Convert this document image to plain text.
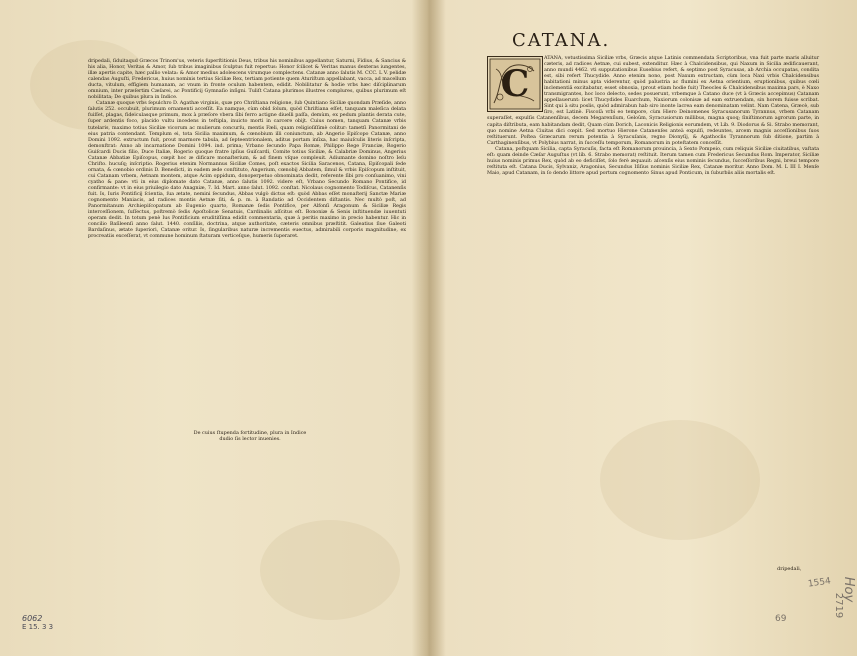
dripedali, ſiduitaqud Græcos Trinom'us, veteris ſuperſtitionis Deus, tribus his nominibus appellantur, Saturni, Fidius, & Sancius & his alia, Honor, Veritas & Amor, ſub tribus imaginibus ſculptus fuit repertus: Honor ſcilicet & Veritas manus dexteras iungentes, illæ apertis capite, hæc pallio velata: & Amor medius adolescens virumque complectens. Catanæ anno ſalutis M. CCC. L V. pelidæ calendas Auguſti, Fredericus, huius nominis tertius Siciliæ Rex, tertiam potiente quem Aturiſtum appellabant, vacca, ad macellum ducta, vitulum, effigiem humanam, ac vnum in fronte oculum habentem, edidit. Nobilitatur & hodie vrbs hæc diſciplinarum omnium, inter præſertim Cæſarei, ac Pontificij Gymnaſio inſigni. Tuliſt Catana plurimos illustres complures, quibus plurimum eſt nobilitata; De quibus plura in Indice.

Catanæ quoque vrbs ſepulchro D. Agathæ virginis, quæ pro Chriſtiana religione, ſub Quintiano Siciliæ quondam Præſide, anno ſalutis 252. occubuit, plurimum ornamenti acceſſit. Ea namque, cùm obid ſolum, quòd Chriſtiana eſſet, tanquam maleſica delata fuiſſet, plagas, fideiculasque primum, mox à præſore vbera ſibi ferro actigne diuelli paſſa, demùm, ex pedum plantis derata cute, ſuper ardentis foco, placido vultu incedens in teſtipla, inuicto morti in carcere obijt. Cuius nomen, tanquam Catanæ vrbis tutelaris, maximo totius Siciliæ vicorum ac mulierum concurſu, mentis Fæli, quam religioſiſſimè colitur: tametſi Panormitani de eius patria contendant. Templum ei, tota Sicilia maximum, & cœnobium illi coniunctum, ab Angerio Epiſcopo Catanæ, anno Domini 1092. extructum fuit, prout marmore tabula, ad ſepteentrionalem, aditus portam inſixa, hac maiuſculis literis inſcripta, demonſtrat: Anno ab incarnatione Domini 1094. ind. prima; Vrbano ſecundo Papa Romæ, Philippo Rege Franciæ, Rogerio Guiſcardi Ducis filio, Duce Italiæ, Rogerio quoque fratre ipſius Guiſcardi, Comite totius Siciliæ, & Calabriæ Dominus, Angerius Catanæ Abbatiæ Epiſcopus, cœpit hoc æ dificare monaſterium, & ad finem vſque compleuit. Adiumante domino noſtro Ieſu Chriſto. hucuſq; inſcriptio. Rogerius etenim Normannus Siciliæ Comes, poſt exactos Sicilia Saracenos, Catana, Epiſcopali ſede ornata, & cœnobio ordinis D. Benedicti, in eadem æde conſtituto, Angerium, cœnobij Abbatem, ſimul & vrbis Epiſcopum inſtituit, cui Catanam vrbem, Aetnam montem, atque Acim oppidum, donoperpetuo obnominata dedit, referente ſibi pro conſuanimo, vini cyatho & pane: vti in eius diplomate dato Catanæ, anno ſalutis 1092. videre eſt, Vrbano Secundo Romano Pontifice, id confirmante: vt in eius priuilegio dato Anagniæ, 7. Id. Mart. anno ſalut. 1092. conſtat. Nicolaus cognomento Todiſcus, Catanenſis fuit. Is, Iuris Pontificij ſcientia, ſua ætate, nemini ſecundus, Abbas vulgò dictus eſt: quòd Abbas eſſet monaſterij Sanctæ Mariæ cognomento Maniacis, ad radices montis Aetnæ ſiti, & p. m. à Randatio ad Occidentem diſtantis. Nec multò poſt, ad Panormitanum Archiepiſcopatum ab Eugenio quarto, Romanæ ſedis Pontifice, per Alfonſi Aragonum & Siciliæ Regis interceſſionem, ſuſſectus, poſtremò ſedis Apoſtolicæ Senatuis, Cardinalis aſſcitus eſt. Bononiæ & Senis inſtituendæ iuuentuti operam dedit. In totum penè Ius Pontificium eruditiſſima edidit commentaria, quæ à peritis maximo in precio habentur. Hic in concilio Baſileenſi anno ſalut. 1440. conſiliis, doctrina, atque authoritate, cæteris omnibus præſtitit. Galeatius ſiue Galeoti Bardaſinus, ætate ſuperiori, Catanæ oritur. Is, ſingularibus naturæ incrementis euectus, admirabili corporis magnitudine, ex procreatiis exceſſerat, vt commune hominum ſtaturam verticeſque, humeris ſuperaret.

De cuius ſtupenda fortitudine, plura in Indice dudio ſis lector inuenies.
6062
E 15. 3 3
CATANA.

ATANA, vetustissima Siciliæ vrbs, Græcis atque Latinis commendata Scriptoribus, vna fuit parte maris alluitur cæteris, ad radices Aetnæ, cui subest, extenditur. Hæc à Chalcidensibus, qui Naxum in Sicilia ædificauerant, anno mundi 4462. vti supputationibus Eusebius refert, & septimo post Syracusas, ab Archia occupatas, condita est, sibi refert Thucydide. Anno etenim nono, post Naxum extructam, cùm loca Naxi vrbis Chalcidensibus habitationi minus apta viderentur, quòd palustria ac flumini ex Aetna orientium, eruptionibus, quibus cœli inclementiâ excitabatur, esset obnoxia, (prout etiam hodie fuit) Theocles & Chalcidensibus maxima pars, è Naxo transmigrantes, hoc loco delecto, sedes posuerunt, vrbemque à Catano duce (vt à Græcis accepimus) Catanam appellauerunt: licet Thucydides Euarchum, Naxiorum colonisæ ad eam extruendam, sin horem fuisse scribat. Sint qui à situ poslis, quòd admirabun hab siro inonte lacrea eam denominatam velint. Nam Catena, Græcè, sub ſiro, est Latinè. Fiscoſà vrbi eo tempore, cùm Hiero Deinomenes Syracusanorum Tyrannus, vrbem Catanam superaſſet, expulſis Catanenſibus, decem Megarenſium, Geloûm, Syracusiorum millibus, magna quoq; ſiniſtimorum agrorum parte, in capita diſtributa, eam habitandam dedit, Quam cùm Dorich, Laconicis Religionis eorumdem, vt Lib. 9. Diodorus & Si. Strabo memorant, quo nomine Aetna Ciuitas dici cœpit. Sed mortuo Hierone Catanenſes anteà expulſi, redeuntes, arcem magnis acceſſionibus ſuos reſtituerunt. Poſtea Græcarum rerum potentia à Syracuſanis, regno Dionyſij, & Agathoclis Tyrannorum ſub ditione, partim à Carthaginenſibus, vt Polybius narrat, in ſucceſſu temporum, Romanorum in poteſtatem conceſſit.

Catana, poſtquam Sicilia, capta Syracuſis, facta eſt Romanorum prouincia, à Sexto Pompeio, cum reliquis Siciliæ ciuitatibus, vaſtata eſt: quam deinde Cæſar Auguſtus (vt lib. 6. Strabo memorat) reſtituit. Iterum tamen cum Fredericus Secundus Rom. Imperator, Siciliæ huius nominis primus Rex, quòd ab eo deficiſſet, ſolo ferè æquauit: aſcenſis eius nominis ſecundus, ſucceſſoribus Regni, breui tempore reſtituta eſt. Catana Ducis, Sylvaniz, Aragonius, Secundus Iſiſius nominis Siciliæ Rex, Catanæ moritur. Anno Dom. M. L III I. Menſe Maio, apud Catanam, in ſo dendo littore apud portum cognomento Sinus apud Ponticum, in ſuburbiis aliis mortalis eſt.

C
dripedali,
1554 Hoy
69
2719
